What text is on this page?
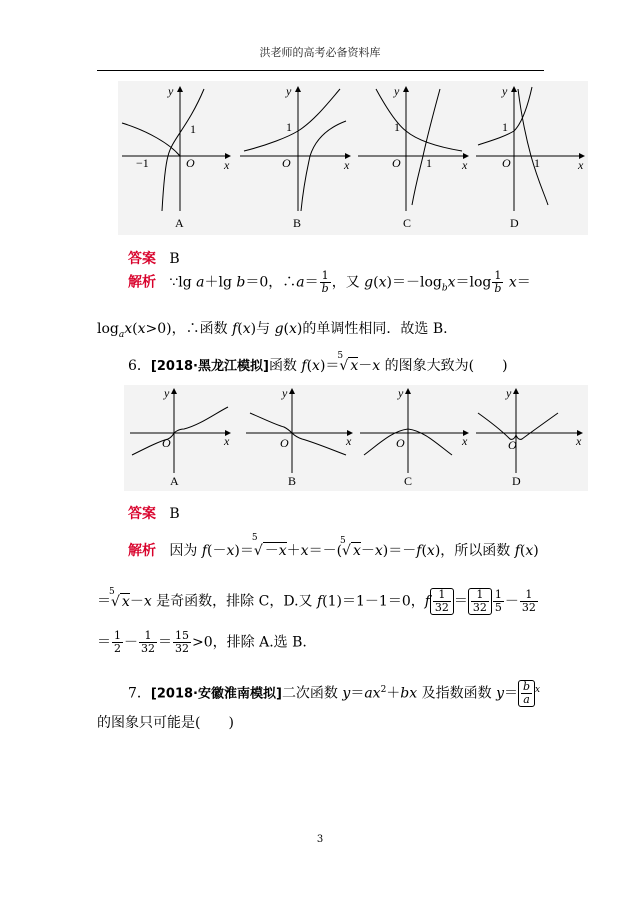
洪老师的高考必备资料库
y
x
O
y
x
O
y
x
O
y
x
O
1
−1
1	1
1
1
1
A	B	C	D
答案 B
解析   ∵lg a＋lg b＝0，∴a＝ $\frac{1}{b}$ ，又 $g(x)=-\log_bx=\log \frac{1}{b} x=$
$\log_ax(x>0)$，∴函数 f(x)与 g(x)的单调性相同．故选 B.
6．[2018·黑龙江模拟]函数 f(x)＝
5
√ x－x 的图象大致为(　　)
y
x
O
y
x
O
y
x
O
y
x
O
A	B	C	D
答案 B
解析   因为 f(－x)＝
5
√ －x＋x＝－(
5
√ x－x)＝－f(x)，所以函数 f(x)
＝
5
√ x－x 是奇函数，排除 C，D.又 f(1)＝1－1＝0，f $\frac{1}{32} = \frac{1}{32} \frac{1}{5} - \frac{1}{32}$
＝ $\frac{1}{2} - \frac{1}{32} = \frac{15}{32} >0$，排除 A.选 B.
7．[2018·安徽淮南模拟]二次函数 $y=ax^2+bx$ 及指数函数 $y= \frac{b}{a} ^x$
的图象只可能是(　　)
3
